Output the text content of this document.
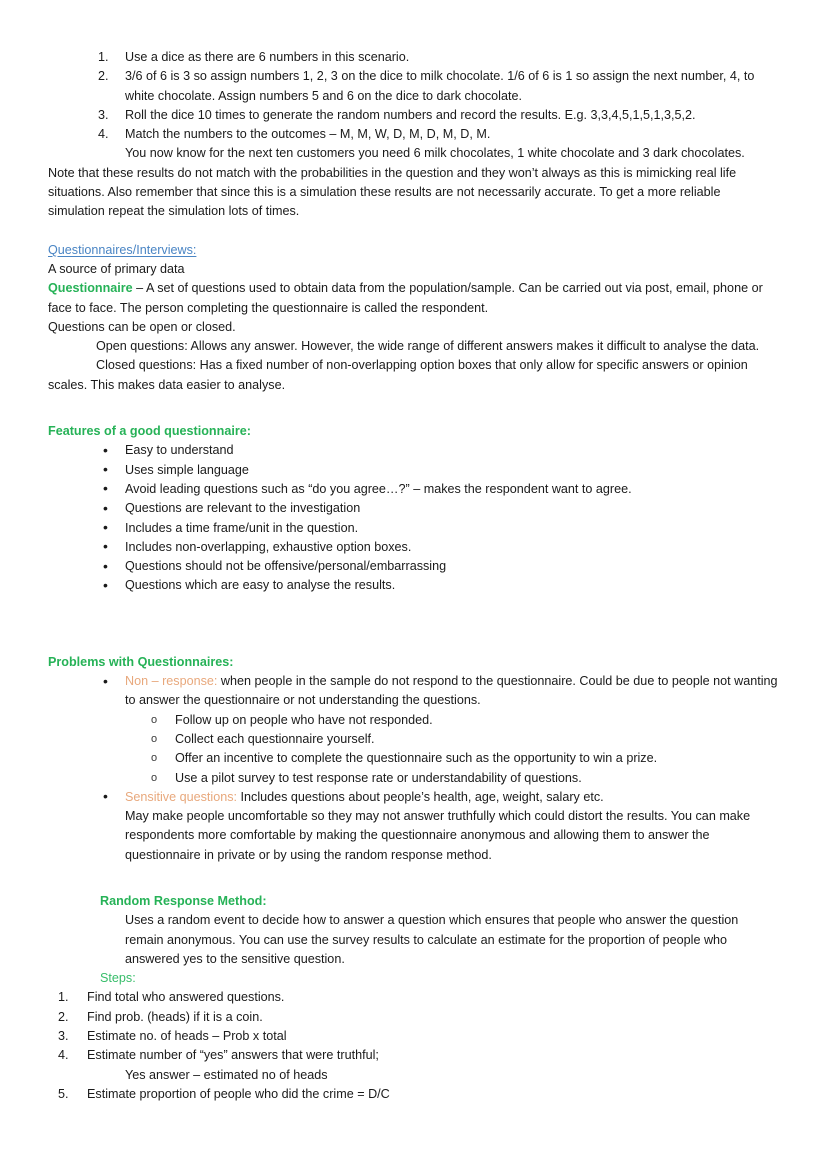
1.	Use a dice as there are 6 numbers in this scenario.
2.	3/6 of 6 is 3 so assign numbers 1, 2, 3 on the dice to milk chocolate. 1/6 of 6 is 1 so assign the next number, 4, to white chocolate. Assign numbers 5 and 6 on the dice to dark chocolate.
3.	Roll the dice 10 times to generate the random numbers and record the results. E.g. 3,3,4,5,1,5,1,3,5,2.
4.	Match the numbers to the outcomes – M, M, W, D, M, D, M, D, M.
You now know for the next ten customers you need 6 milk chocolates, 1 white chocolate and 3 dark chocolates.

Note that these results do not match with the probabilities in the question and they won’t always as this is mimicking real life situations. Also remember that since this is a simulation these results are not necessarily accurate. To get a more reliable simulation repeat the simulation lots of times.

Questionnaires/Interviews:

A source of primary data

Questionnaire – A set of questions used to obtain data from the population/sample. Can be carried out via post, email, phone or face to face. The person completing the questionnaire is called the respondent.

Questions can be open or closed.

Open questions: Allows any answer. However, the wide range of different answers makes it difficult to analyse the data.

Closed questions: Has a fixed number of non-overlapping option boxes that only allow for specific answers or opinion scales. This makes data easier to analyse.

Features of a good questionnaire:

• Easy to understand
• Uses simple language
• Avoid leading questions such as “do you agree…?” – makes the respondent want to agree.
• Questions are relevant to the investigation
• Includes a time frame/unit in the question.
• Includes non-overlapping, exhaustive option boxes.
• Questions should not be offensive/personal/embarrassing
• Questions which are easy to analyse the results.

Problems with Questionnaires:

• Non – response: when people in the sample do not respond to the questionnaire. Could be due to people not wanting to answer the questionnaire or not understanding the questions.
o Follow up on people who have not responded.
o Collect each questionnaire yourself.
o Offer an incentive to complete the questionnaire such as the opportunity to win a prize.
o Use a pilot survey to test response rate or understandability of questions.
• Sensitive questions: Includes questions about people’s health, age, weight, salary etc.
May make people uncomfortable so they may not answer truthfully which could distort the results. You can make respondents more comfortable by making the questionnaire anonymous and allowing them to answer the questionnaire in private or by using the random response method.

Random Response Method:

Uses a random event to decide how to answer a question which ensures that people who answer the question remain anonymous. You can use the survey results to calculate an estimate for the proportion of people who answered yes to the sensitive question.

Steps:

1.	Find total who answered questions.
2.	Find prob. (heads) if it is a coin.
3.	Estimate no. of heads – Prob x total
4.	Estimate number of “yes” answers that were truthful;
Yes answer – estimated no of heads
5.	Estimate proportion of people who did the crime = D/C
